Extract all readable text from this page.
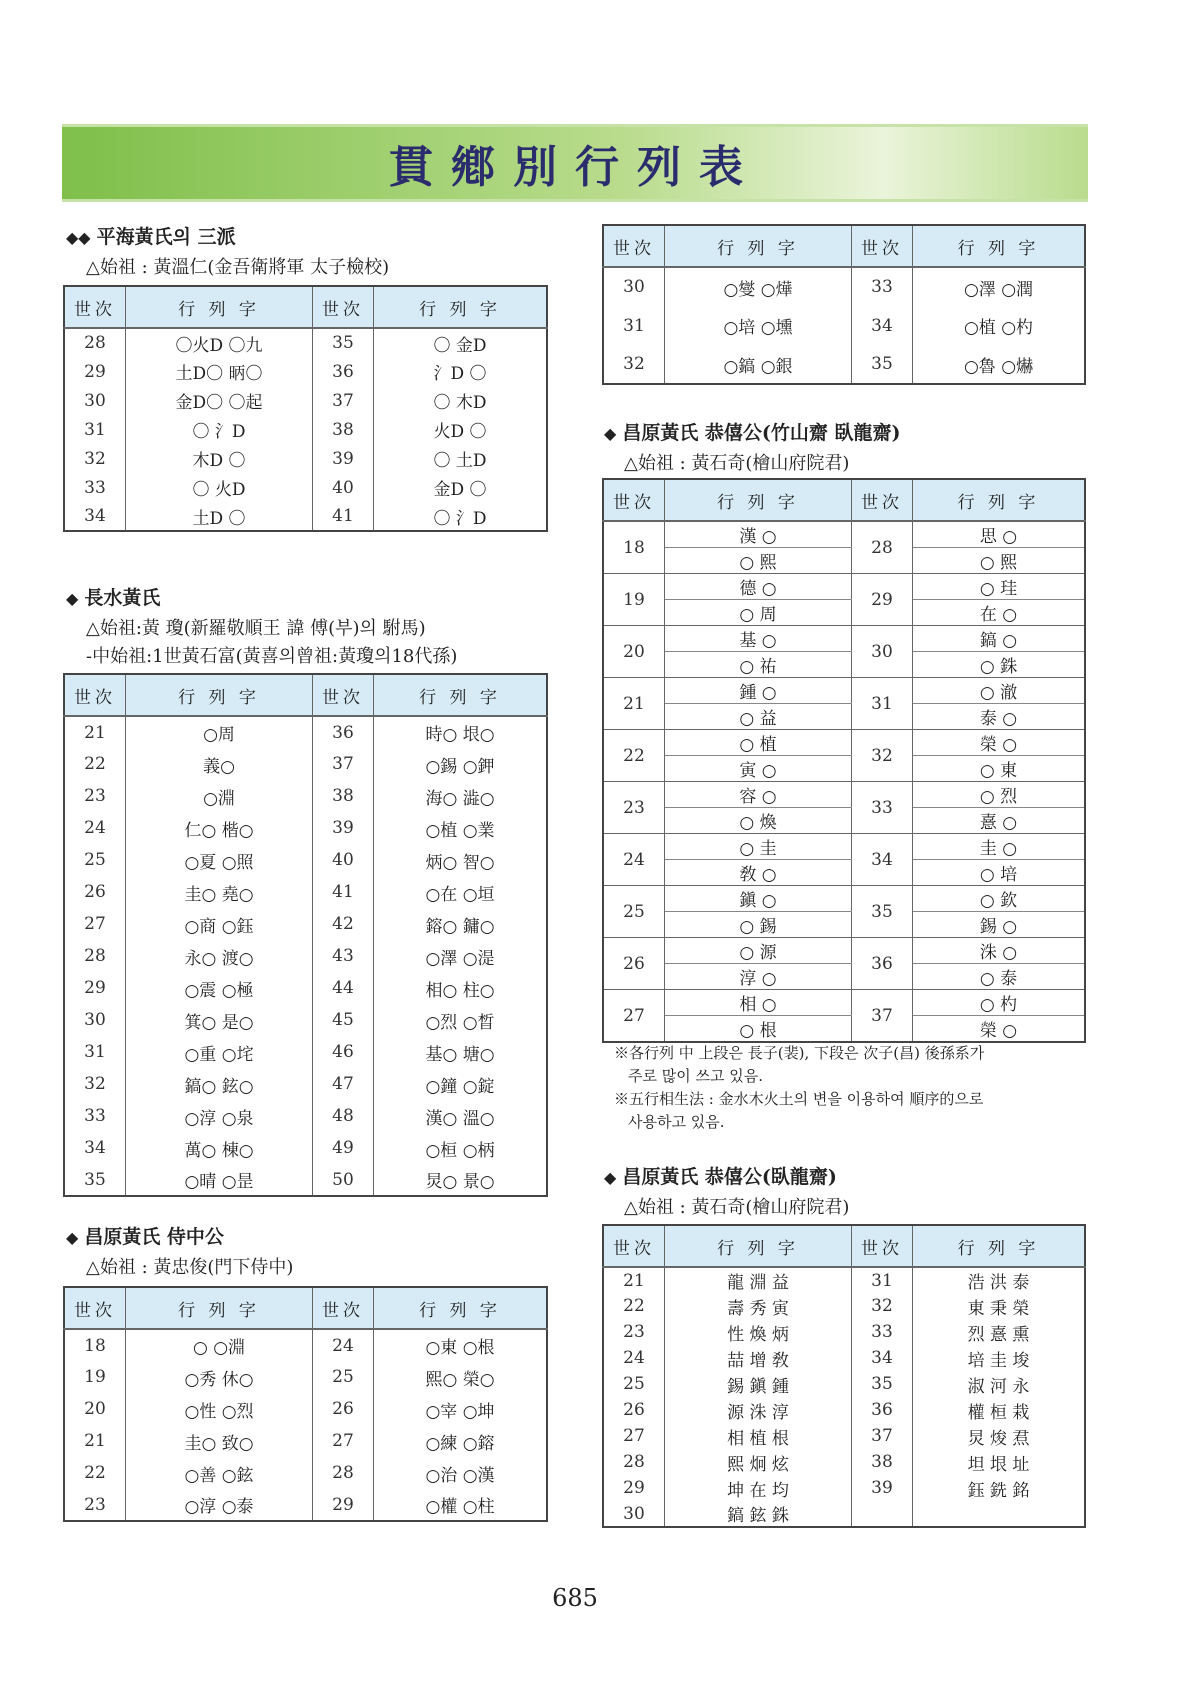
貫鄕別行列表
◆◆ 平海黃氏의 三派
△始祖 : 黃溫仁(金吾衛將軍 太子檢校)
世次	行 列 字	世次	行 列 字
28	〇火D 〇九	35	〇 金D
29	土D〇 昞〇	36	氵D 〇
30	金D〇 〇起	37	〇 木D
31	〇 氵D	38	火D 〇
32	木D 〇	39	〇 土D
33	〇 火D	40	金D 〇
34	土D 〇	41	〇 氵D
◆ 長水黃氏
△始祖:黃 瓊(新羅敬順王 諱 傅(부)의 駙馬)
-中始祖:1世黃石富(黃喜의曾祖:黃瓊의18代孫)
世次	行 列 字	世次	行 列 字
21	○周	36	時○ 垠○
22	義○	37	○錫 ○鉀
23	○淵	38	海○ 澁○
24	仁○ 楷○	39	○植 ○業
25	○夏 ○照	40	炳○ 智○
26	圭○ 堯○	41	○在 ○垣
27	○商 ○鈺	42	鎔○ 鏞○
28	永○ 渡○	43	○澤 ○湜
29	○震 ○極	44	相○ 柱○
30	箕○ 是○	45	○烈 ○晳
31	○重 ○垞	46	基○ 塘○
32	鎬○ 鉉○	47	○鐘 ○錠
33	○淳 ○泉	48	漢○ 溫○
34	萬○ 棟○	49	○桓 ○柄
35	○晴 ○昰	50	炅○ 景○
◆ 昌原黃氏 侍中公
△始祖 : 黃忠俊(門下侍中)
世次	行 列 字	世次	行 列 字
18	○ ○淵	24	○東 ○根
19	○秀 休○	25	熙○ 榮○
20	○性 ○烈	26	○宰 ○坤
21	圭○ 致○	27	○練 ○鎔
22	○善 ○鉉	28	○治 ○漢
23	○淳 ○泰	29	○權 ○柱
世次	行 列 字	世次	行 列 字
30	○燮 ○燁	33	○澤 ○潤
31	○培 ○壎	34	○植 ○杓
32	○鎬 ○銀	35	○魯 ○爀
◆ 昌原黃氏 恭僖公(竹山齋 臥龍齋)
△始祖 : 黃石奇(檜山府院君)
世次	行 列 字	世次	行 列 字
18	漢 ○	28	思 ○
	○ 熙		○ 熙
19	德 ○	29	○ 珪
	○ 周		在 ○
20	基 ○	30	鎬 ○
	○ 祐		○ 銖
21	鍾 ○	31	○ 澈
	○ 益		泰 ○
22	○ 植	32	榮 ○
	寅 ○		○ 東
23	容 ○	33	○ 烈
	○ 煥		憙 ○
24	○ 圭	34	圭 ○
	敎 ○		○ 培
25	鎭 ○	35	○ 欽
	○ 錫		錫 ○
26	○ 源	36	洙 ○
	淳 ○		○ 泰
27	相 ○	37	○ 杓
	○ 根		榮 ○
※各行列 中 上段은 長子(裴), 下段은 次子(昌) 後孫系가
주로 많이 쓰고 있음.
※五行相生法 : 金水木火土의 변을 이용하여 順序的으로
사용하고 있음.
◆ 昌原黃氏 恭僖公(臥龍齋)
△始祖 : 黃石奇(檜山府院君)
世次	行 列 字	世次	行 列 字
21	龍 淵 益	31	浩 洪 泰
22	壽 秀 寅	32	東 秉 榮
23	性 煥 炳	33	烈 憙 熏
24	喆 增 敎	34	培 圭 埈
25	錫 鎭 鍾	35	淑 河 永
26	源 洙 淳	36	權 桓 栽
27	相 植 根	37	炅 焌 焄
28	熙 炯 炫	38	坦 垠 址
29	坤 在 均	39	鈺 銑 銘
30	鎬 鉉 銖		
685
